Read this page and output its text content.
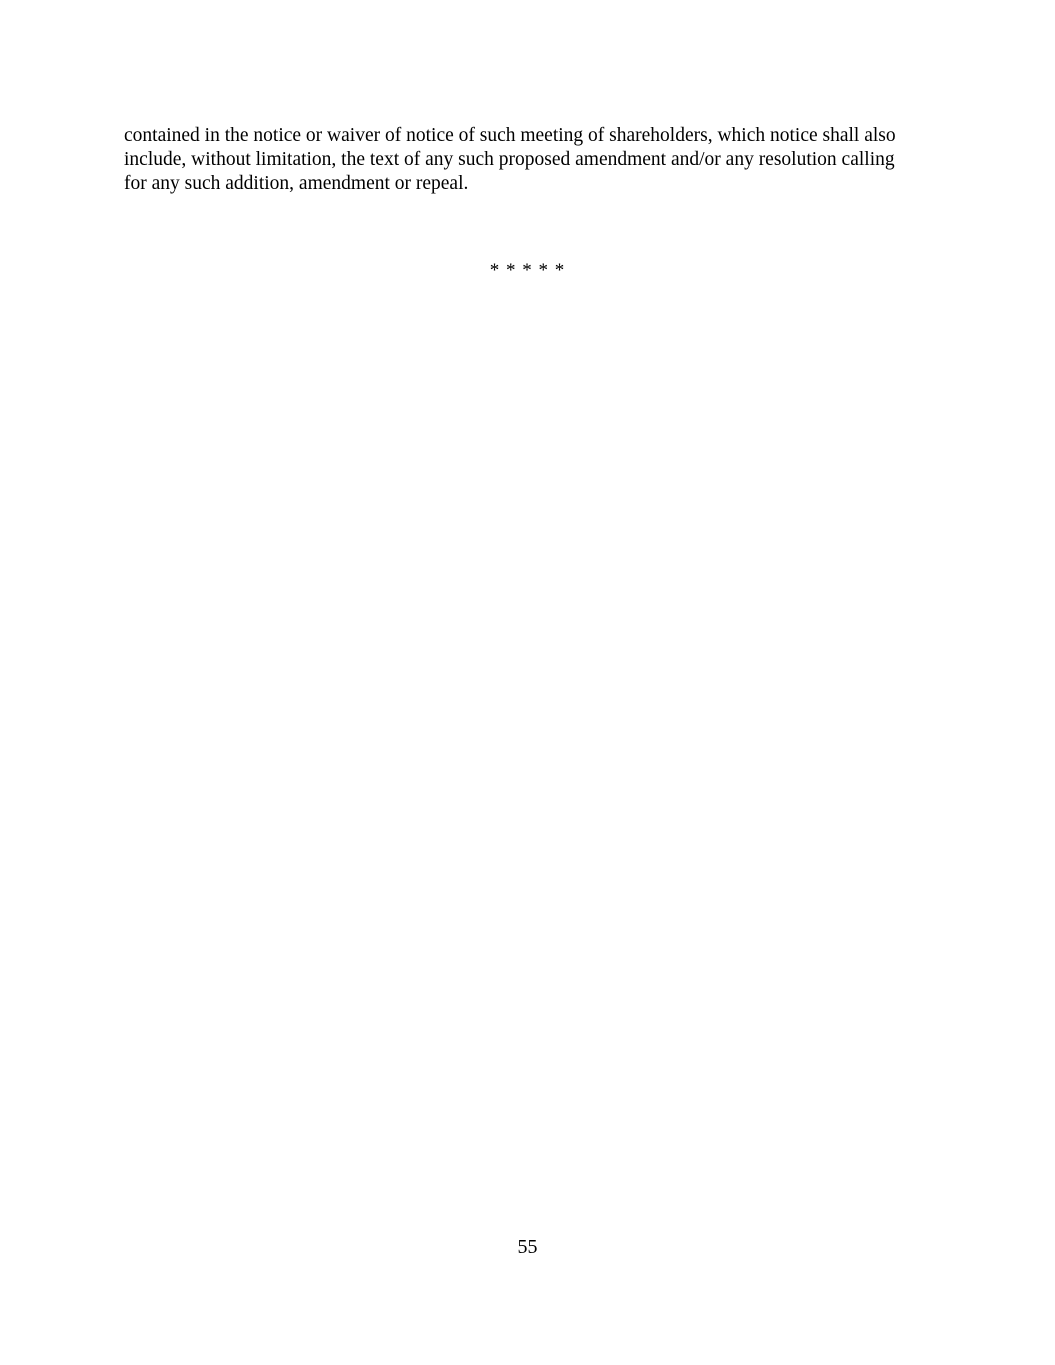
contained in the notice or waiver of notice of such meeting of shareholders, which notice shall also
include, without limitation, the text of any such proposed amendment and/or any resolution calling
for any such addition, amendment or repeal.

* * * * *

55
